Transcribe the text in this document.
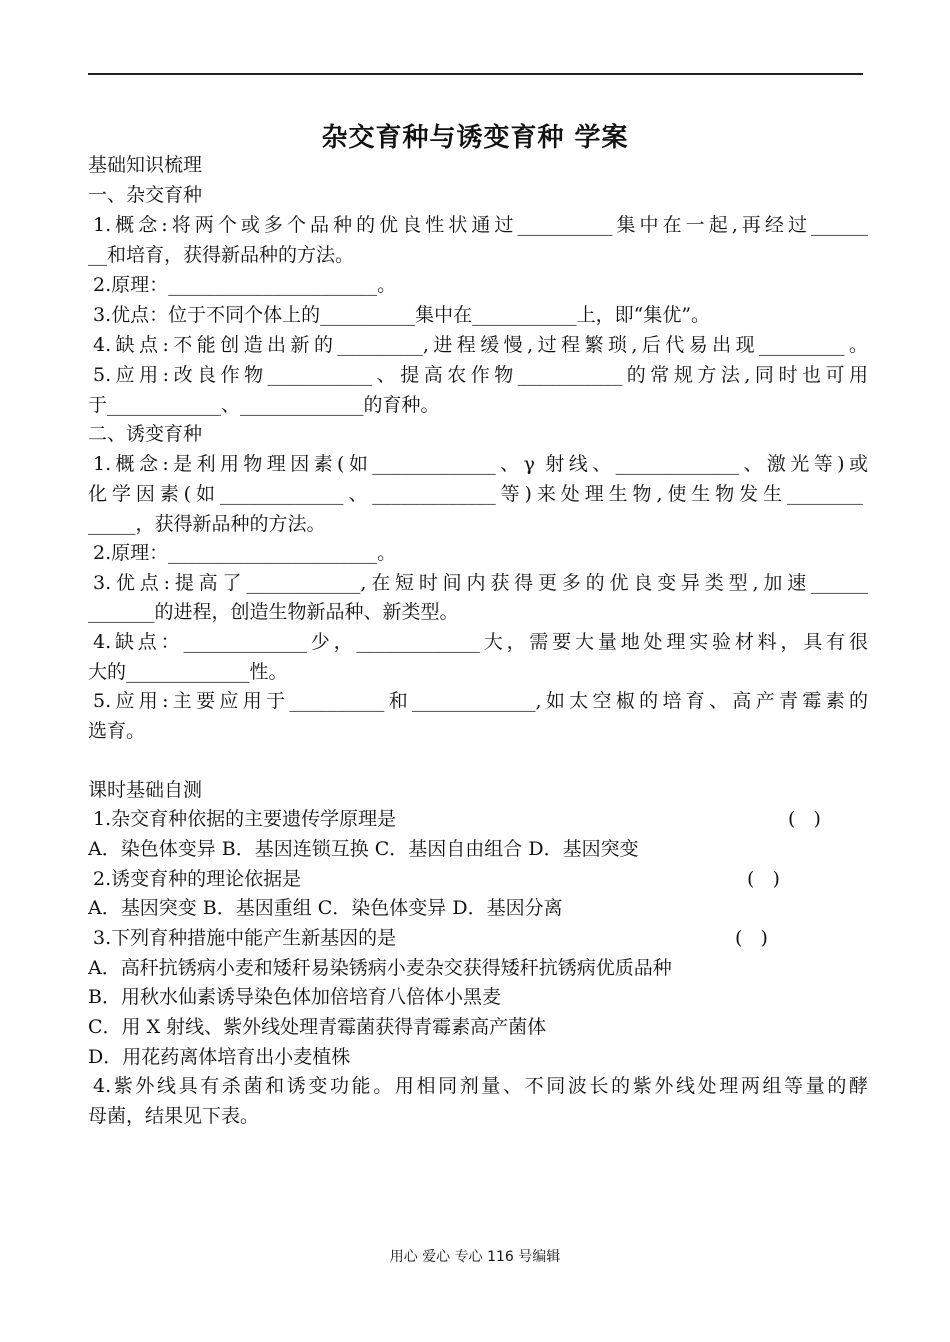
杂交育种与诱变育种 学案
基础知识梳理
一、杂交育种
1.概念:将两个或多个品种的优良性状通过__________集中在一起,再经过______
__和培育，获得新品种的方法。
2.原理：______________________。
3.优点：位于不同个体上的__________集中在___________上，即“集优”。
4.缺点:不能创造出新的_________,进程缓慢,过程繁琐,后代易出现_________。
5.应用:改良作物___________、提高农作物___________的常规方法,同时也可用
于____________、_____________的育种。
二、诱变育种
1.概念:是利用物理因素(如_____________、γ 射线、_____________、激光等)或
化学因素(如_____________、_____________等)来处理生物,使生物发生________
_____，获得新品种的方法。
2.原理：______________________。
3.优点:提高了____________,在短时间内获得更多的优良变异类型,加速______
_______的进程，创造生物新品种、新类型。
4.缺点：_____________少，_____________大，需要大量地处理实验材料，具有很
大的_____________性。
5.应用:主要应用于__________和_____________,如太空椒的培育、高产青霉素的
选育。
课时基础自测
1.杂交育种依据的主要遗传学原理是
A．染色体变异 B．基因连锁互换 C．基因自由组合 D．基因突变
2.诱变育种的理论依据是
A．基因突变 B．基因重组 C．染色体变异 D．基因分离
3.下列育种措施中能产生新基因的是
A．高秆抗锈病小麦和矮秆易染锈病小麦杂交获得矮秆抗锈病优质品种
B．用秋水仙素诱导染色体加倍培育八倍体小黑麦
C．用 X 射线、紫外线处理青霉菌获得青霉素高产菌体
D．用花药离体培育出小麦植株
4.紫外线具有杀菌和诱变功能。用相同剂量、不同波长的紫外线处理两组等量的酵
母菌，结果见下表。
(   )
(   )
(   )
用心 爱心 专心 116 号编辑
